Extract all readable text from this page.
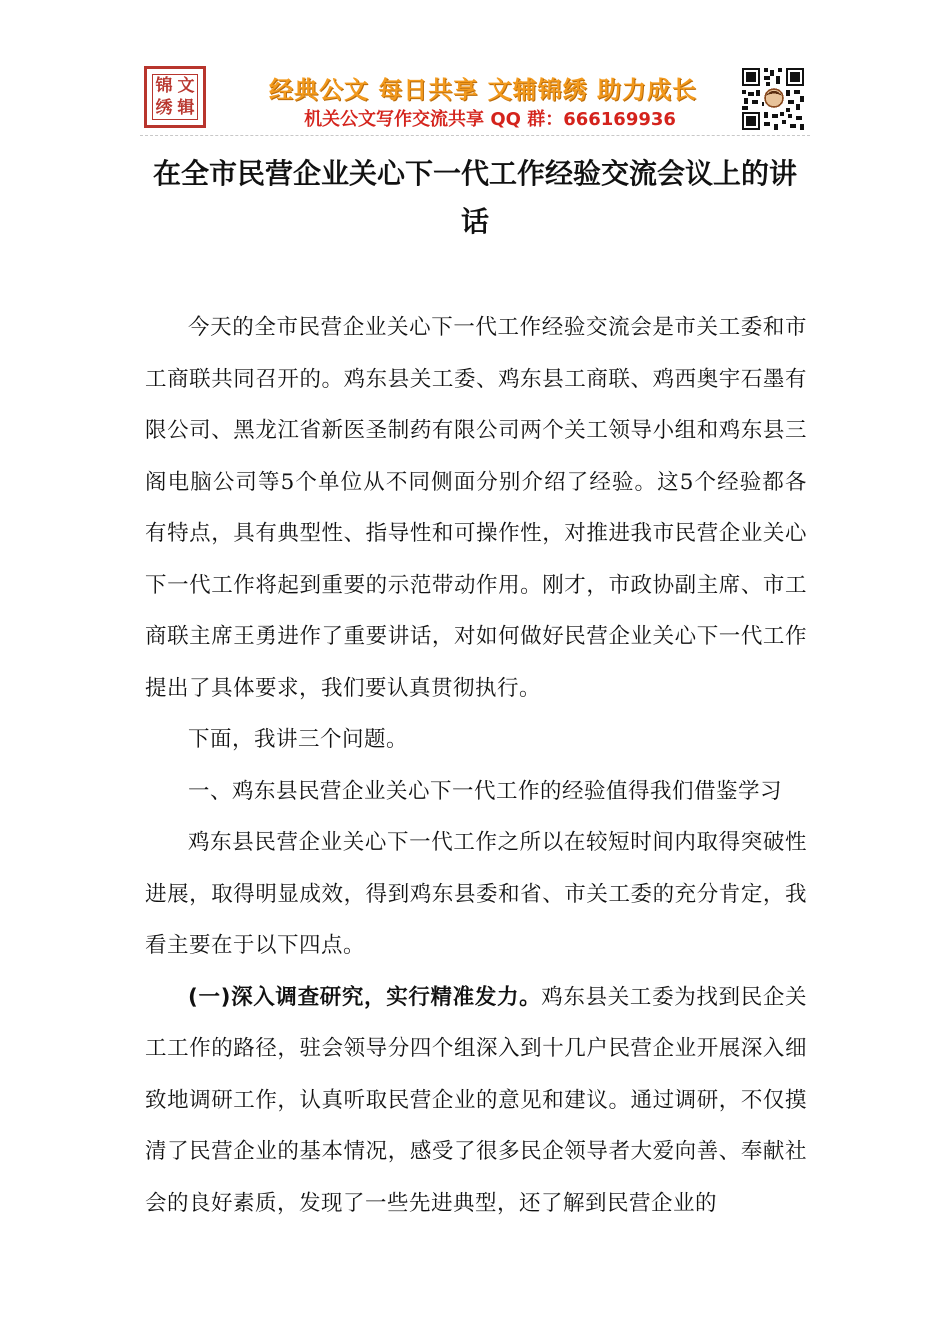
锦 文
绣 辑
经典公文 每日共享 文辅锦绣 助力成长
机关公文写作交流共享 QQ 群：666169936
在全市民营企业关心下一代工作经验交流会议上的讲话

今天的全市民营企业关心下一代工作经验交流会是市关工委和市工商联共同召开的。鸡东县关工委、鸡东县工商联、鸡西奥宇石墨有限公司、黑龙江省新医圣制药有限公司两个关工领导小组和鸡东县三阁电脑公司等5个单位从不同侧面分别介绍了经验。这5个经验都各有特点，具有典型性、指导性和可操作性，对推进我市民营企业关心下一代工作将起到重要的示范带动作用。刚才，市政协副主席、市工商联主席王勇进作了重要讲话，对如何做好民营企业关心下一代工作提出了具体要求，我们要认真贯彻执行。

下面，我讲三个问题。

一、鸡东县民营企业关心下一代工作的经验值得我们借鉴学习

鸡东县民营企业关心下一代工作之所以在较短时间内取得突破性进展，取得明显成效，得到鸡东县委和省、市关工委的充分肯定，我看主要在于以下四点。

(一)深入调查研究，实行精准发力。鸡东县关工委为找到民企关工工作的路径，驻会领导分四个组深入到十几户民营企业开展深入细致地调研工作，认真听取民营企业的意见和建议。通过调研，不仅摸清了民营企业的基本情况，感受了很多民企领导者大爱向善、奉献社会的良好素质，发现了一些先进典型，还了解到民营企业的
